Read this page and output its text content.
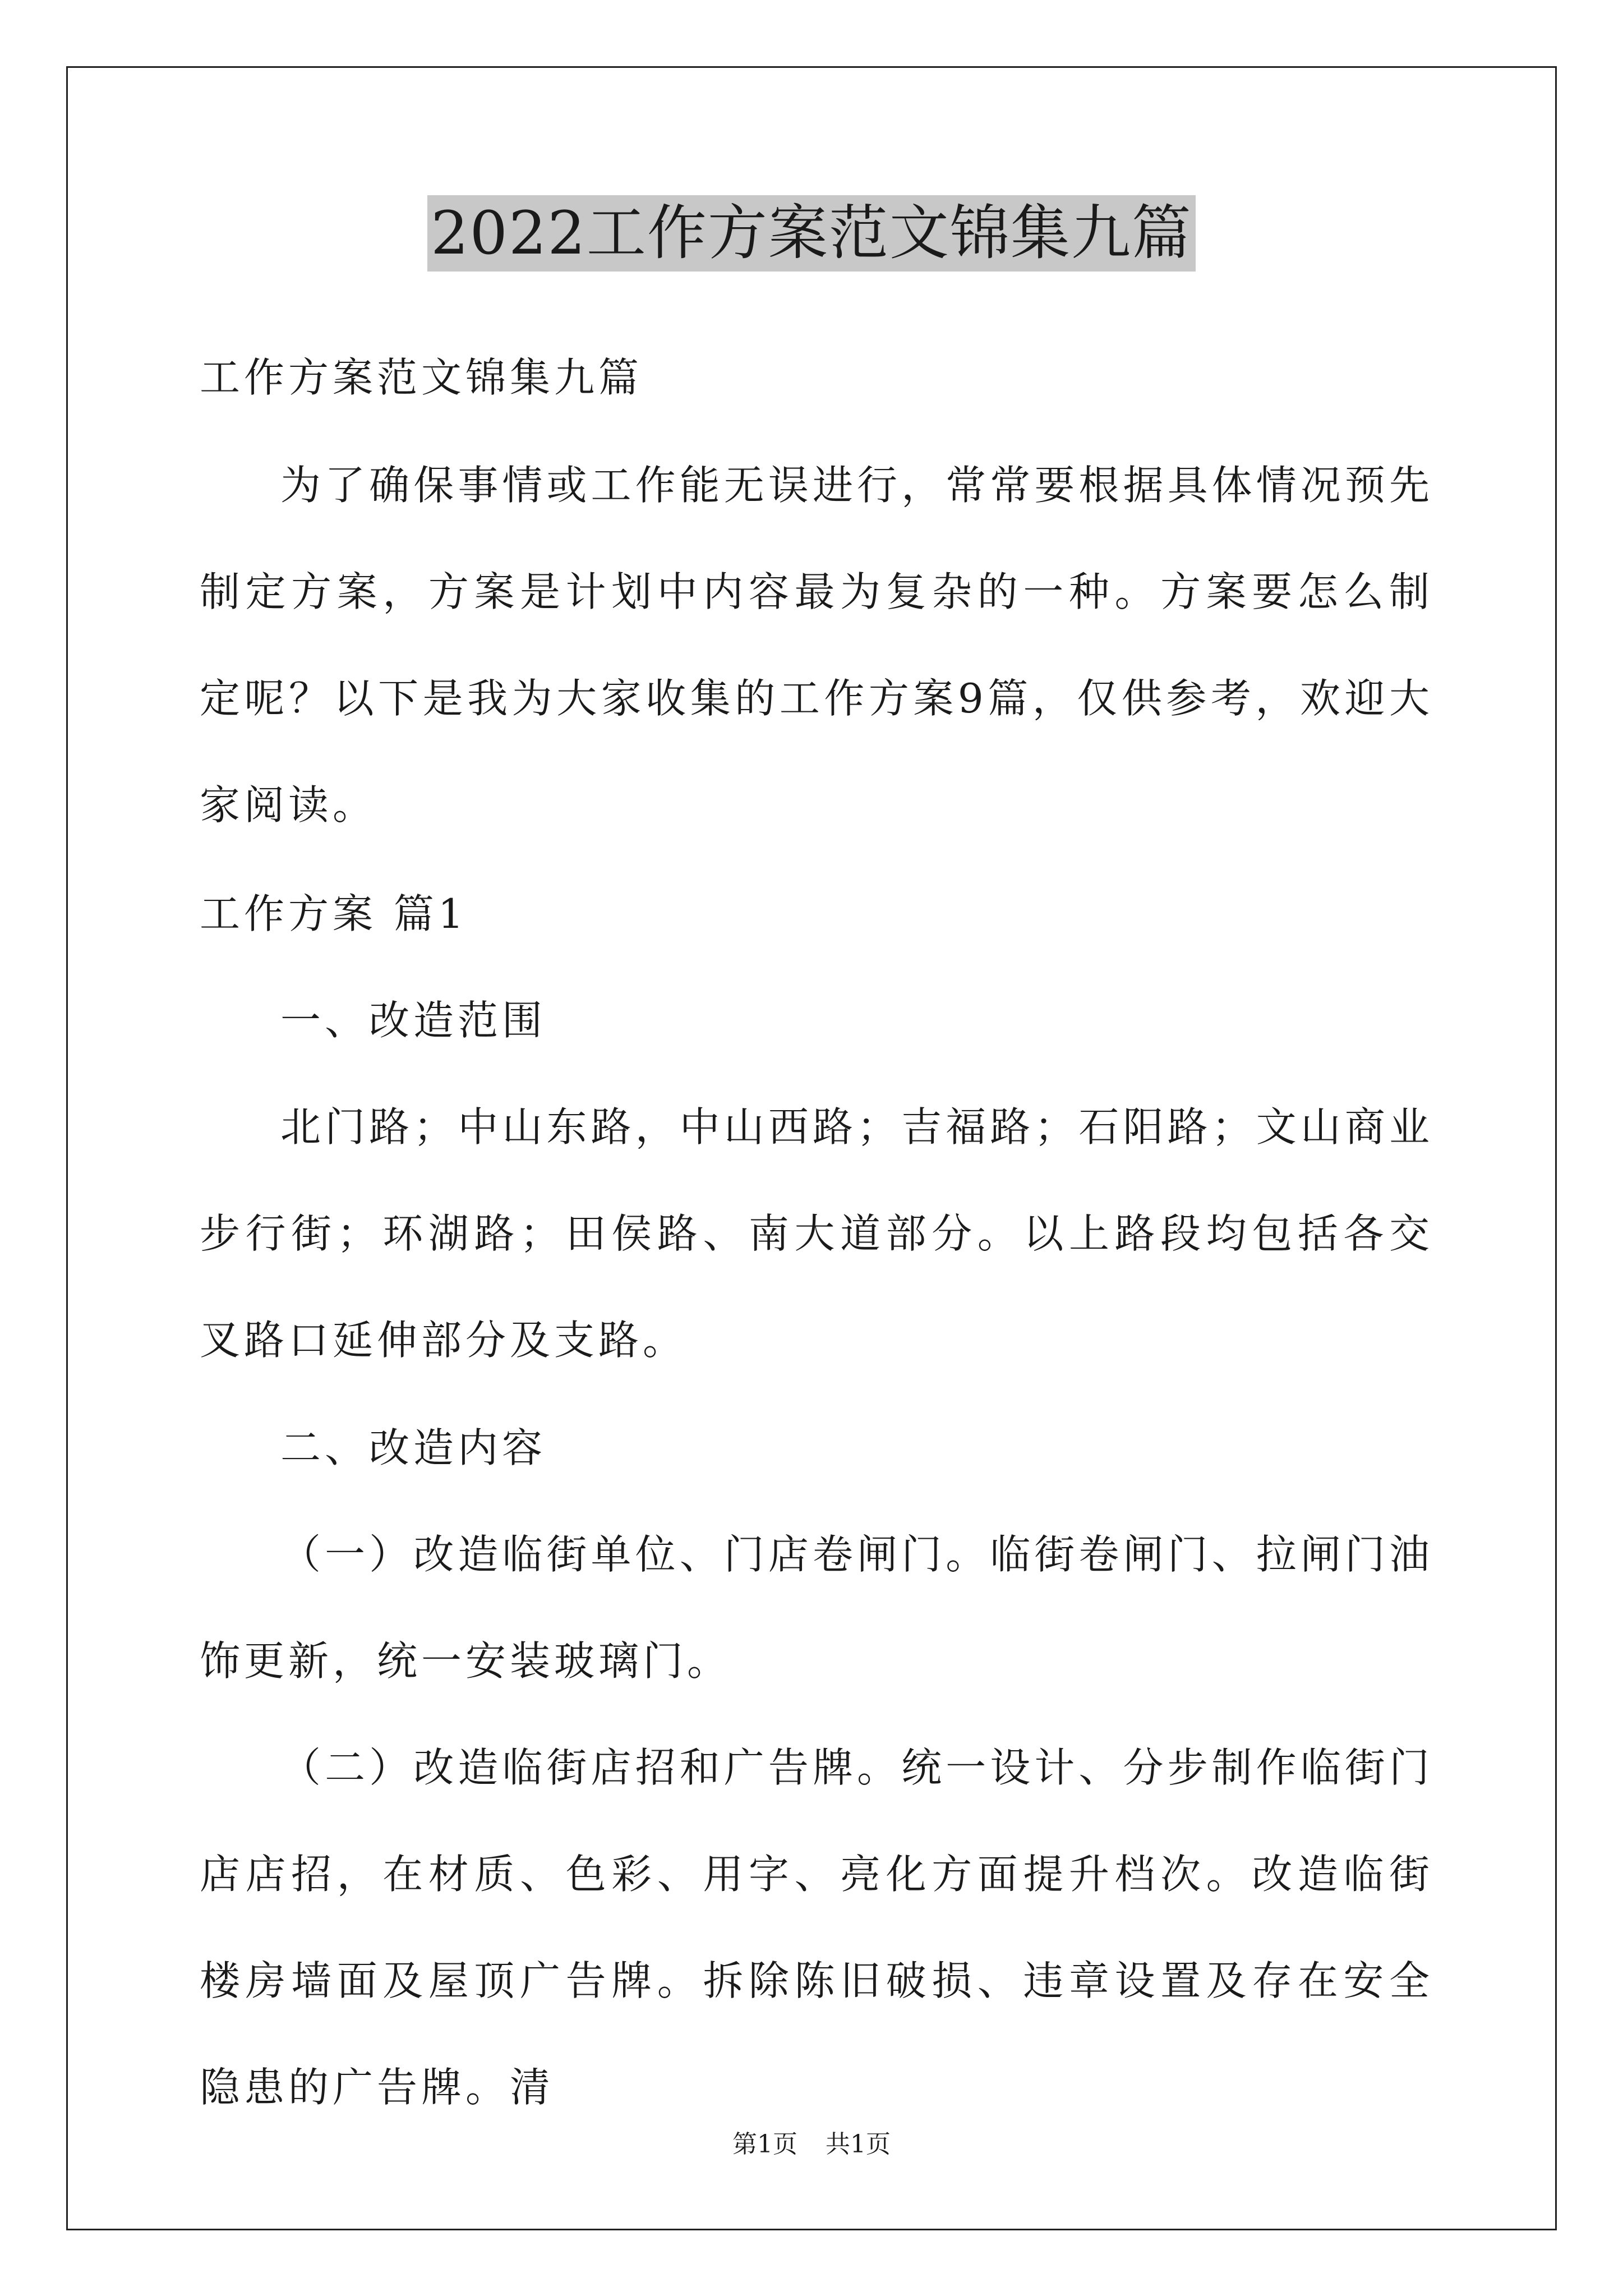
2022工作方案范文锦集九篇

工作方案范文锦集九篇

为了确保事情或工作能无误进行，常常要根据具体情况预先制定方案，方案是计划中内容最为复杂的一种。方案要怎么制定呢？以下是我为大家收集的工作方案9篇，仅供参考，欢迎大家阅读。

工作方案 篇1

一、改造范围

北门路；中山东路，中山西路；吉福路；石阳路；文山商业步行街；环湖路；田侯路、南大道部分。以上路段均包括各交叉路口延伸部分及支路。

二、改造内容

（一）改造临街单位、门店卷闸门。临街卷闸门、拉闸门油饰更新，统一安装玻璃门。

（二）改造临街店招和广告牌。统一设计、分步制作临街门店店招，在材质、色彩、用字、亮化方面提升档次。改造临街楼房墙面及屋顶广告牌。拆除陈旧破损、违章设置及存在安全隐患的广告牌。清

第1页 共1页
